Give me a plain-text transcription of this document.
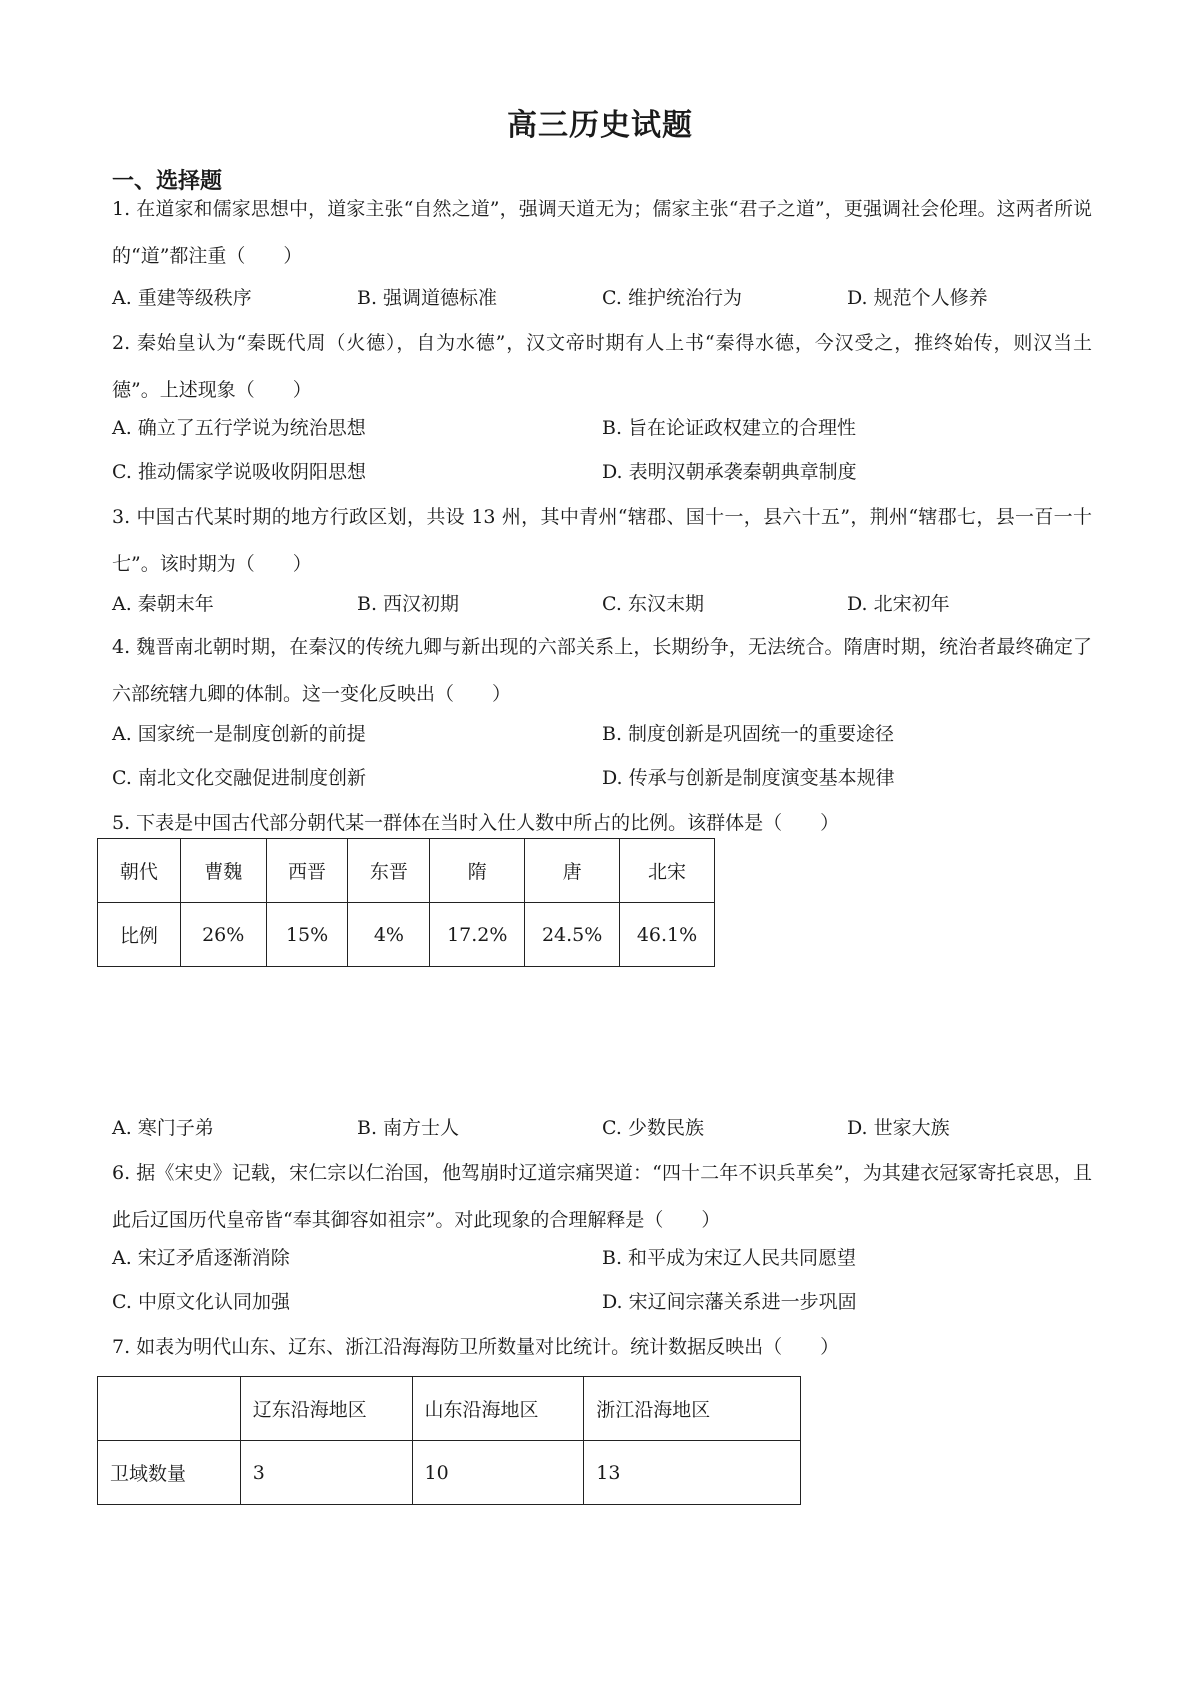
高三历史试题
一、选择题
1. 在道家和儒家思想中，道家主张“自然之道”，强调天道无为；儒家主张“君子之道”，更强调社会伦理。这两者所说的“道”都注重（　　）
A. 重建等级秩序	B. 强调道德标准	C. 维护统治行为	D. 规范个人修养
2. 秦始皇认为“秦既代周（火德），自为水德”，汉文帝时期有人上书“秦得水德，今汉受之，推终始传，则汉当土德”。上述现象（　　）
A. 确立了五行学说为统治思想	B. 旨在论证政权建立的合理性
C. 推动儒家学说吸收阴阳思想	D. 表明汉朝承袭秦朝典章制度
3. 中国古代某时期的地方行政区划，共设 13 州，其中青州“辖郡、国十一，县六十五”，荆州“辖郡七，县一百一十七”。该时期为（　　）
A. 秦朝末年	B. 西汉初期	C. 东汉末期	D. 北宋初年
4. 魏晋南北朝时期，在秦汉的传统九卿与新出现的六部关系上，长期纷争，无法统合。隋唐时期，统治者最终确定了六部统辖九卿的体制。这一变化反映出（　　）
A. 国家统一是制度创新的前提	B. 制度创新是巩固统一的重要途径
C. 南北文化交融促进制度创新	D. 传承与创新是制度演变基本规律
5. 下表是中国古代部分朝代某一群体在当时入仕人数中所占的比例。该群体是（　　）
朝代	曹魏	西晋	东晋	隋	唐	北宋
比例	26%	15%	4%	17.2%	24.5%	46.1%
A. 寒门子弟	B. 南方士人	C. 少数民族	D. 世家大族
6. 据《宋史》记载，宋仁宗以仁治国，他驾崩时辽道宗痛哭道：“四十二年不识兵革矣”，为其建衣冠冢寄托哀思，且此后辽国历代皇帝皆“奉其御容如祖宗”。对此现象的合理解释是（　　）
A. 宋辽矛盾逐渐消除	B. 和平成为宋辽人民共同愿望
C. 中原文化认同加强	D. 宋辽间宗藩关系进一步巩固
7. 如表为明代山东、辽东、浙江沿海海防卫所数量对比统计。统计数据反映出（　　）
	辽东沿海地区	山东沿海地区	浙江沿海地区
卫域数量	3	10	13
